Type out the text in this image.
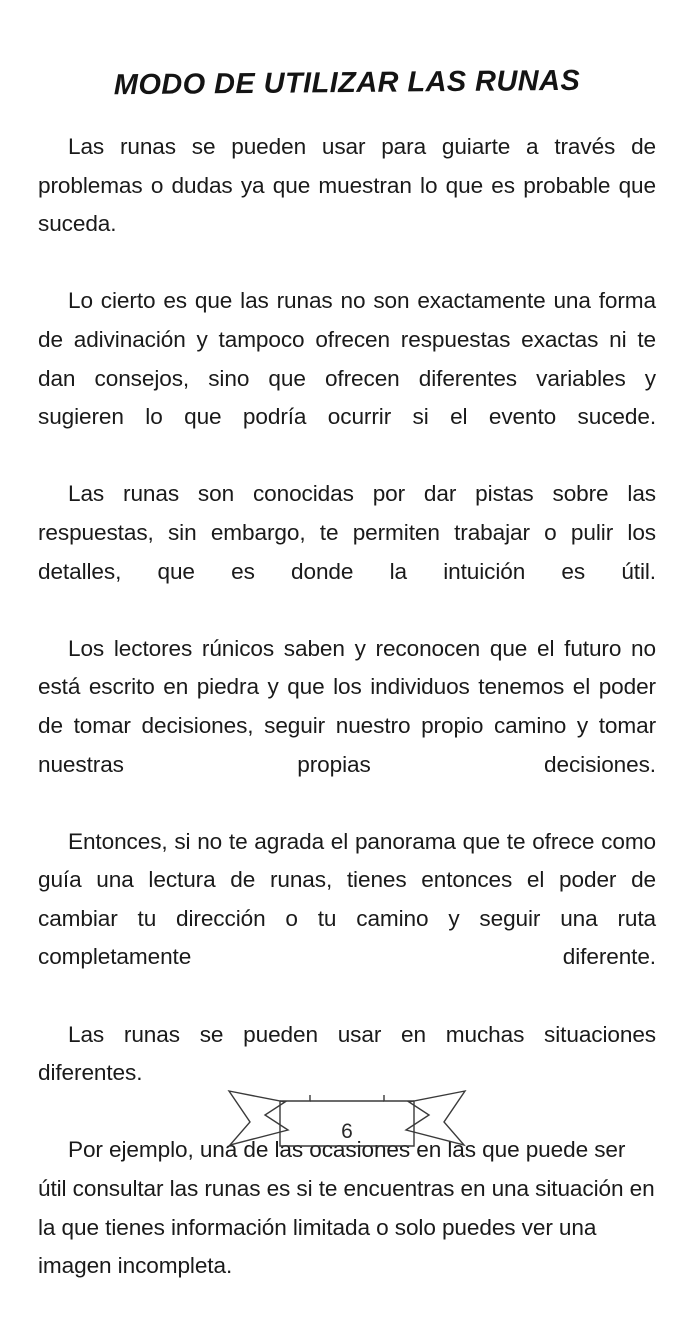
MODO DE UTILIZAR LAS RUNAS

Las runas se pueden usar para guiarte a través de problemas o dudas ya que muestran lo que es probable que suceda.

Lo cierto es que las runas no son exactamente una forma de adivinación y tampoco ofrecen respuestas exactas ni te dan consejos, sino que ofrecen diferentes variables y sugieren lo que podría ocurrir si el evento sucede.

Las runas son conocidas por dar pistas sobre las respuestas, sin embargo, te permiten trabajar o pulir los detalles, que es donde la intuición es útil.

Los lectores rúnicos saben y reconocen que el futuro no está escrito en piedra y que los individuos tenemos el poder de tomar decisiones, seguir nuestro propio camino y tomar nuestras propias decisiones.

Entonces, si no te agrada el panorama que te ofrece como guía una lectura de runas, tienes entonces el poder de cambiar tu dirección o tu camino y seguir una ruta completamente diferente.

Las runas se pueden usar en muchas situaciones diferentes.

Por ejemplo, una de las ocasiones en las que puede ser útil consultar las runas es si te encuentras en una situación en la que tienes información limitada o solo puedes ver una imagen incompleta.

6
